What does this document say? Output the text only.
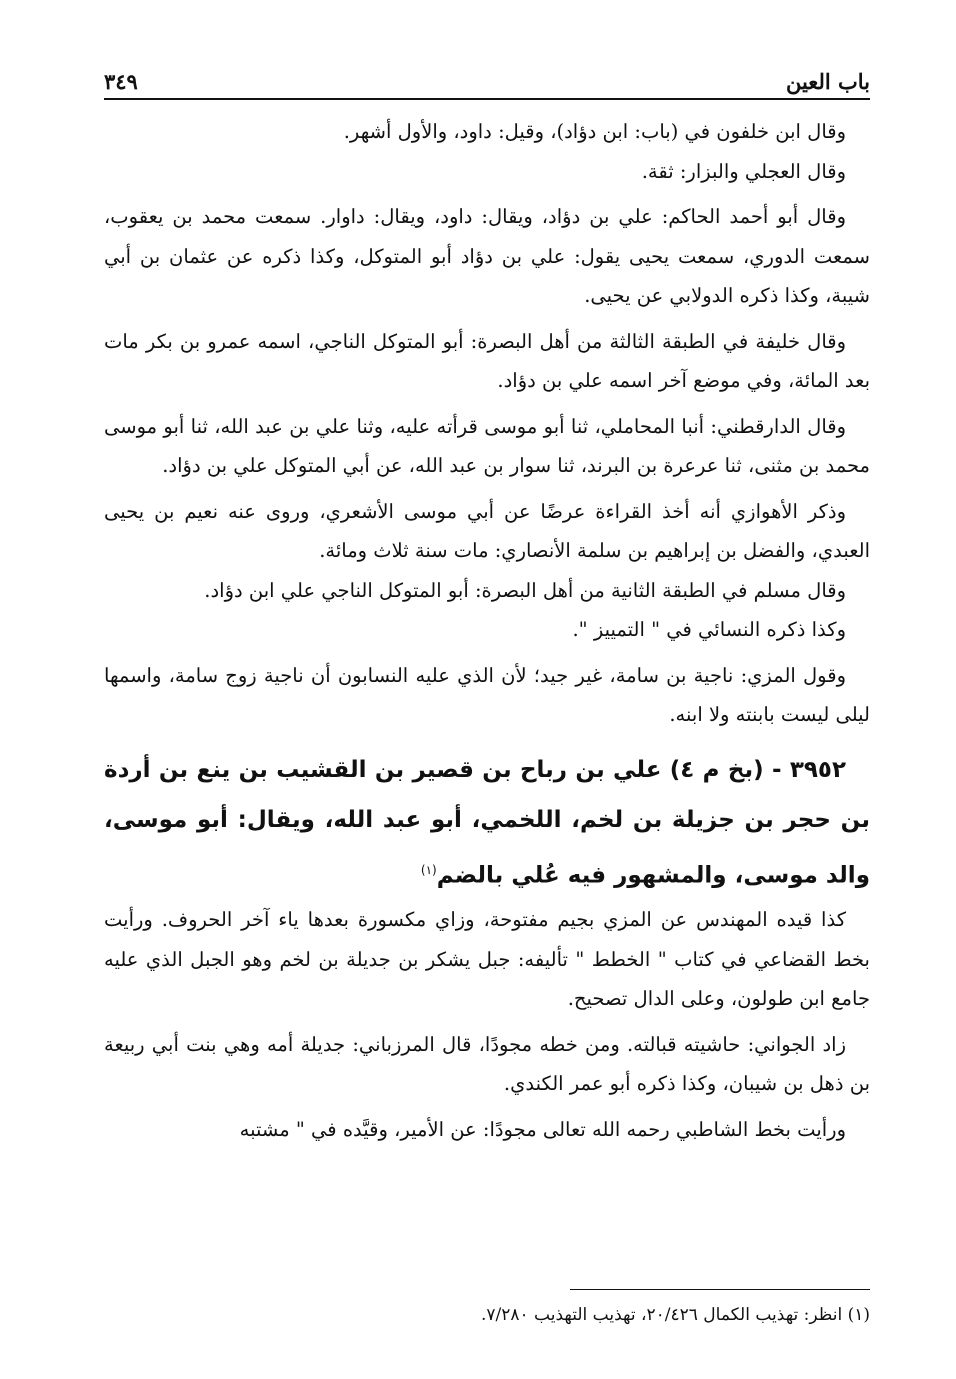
باب العين
٣٤٩

وقال ابن خلفون في (باب: ابن دؤاد)، وقيل: داود، والأول أشهر.

وقال العجلي والبزار: ثقة.

وقال أبو أحمد الحاكم: علي بن دؤاد، ويقال: داود، ويقال: داوار. سمعت محمد بن يعقوب، سمعت الدوري، سمعت يحيى يقول: علي بن دؤاد أبو المتوكل، وكذا ذكره عن عثمان بن أبي شيبة، وكذا ذكره الدولابي عن يحيى.

وقال خليفة في الطبقة الثالثة من أهل البصرة: أبو المتوكل الناجي، اسمه عمرو بن بكر مات بعد المائة، وفي موضع آخر اسمه علي بن دؤاد.

وقال الدارقطني: أنبا المحاملي، ثنا أبو موسى قرأته عليه، وثنا علي بن عبد الله، ثنا أبو موسى محمد بن مثنى، ثنا عرعرة بن البرند، ثنا سوار بن عبد الله، عن أبي المتوكل علي بن دؤاد.

وذكر الأهوازي أنه أخذ القراءة عرضًا عن أبي موسى الأشعري، وروى عنه نعيم بن يحيى العبدي، والفضل بن إبراهيم بن سلمة الأنصاري: مات سنة ثلاث ومائة.

وقال مسلم في الطبقة الثانية من أهل البصرة: أبو المتوكل الناجي علي ابن دؤاد.

وكذا ذكره النسائي في " التمييز ".

وقول المزي: ناجية بن سامة، غير جيد؛ لأن الذي عليه النسابون أن ناجية زوج سامة، واسمها ليلى ليست بابنته ولا ابنه.

٣٩٥٢ - (بخ م ٤) علي بن رباح بن قصير بن القشيب بن ينع بن أردة بن حجر بن جزيلة بن لخم، اللخمي، أبو عبد الله، ويقال: أبو موسى، والد موسى، والمشهور فيه عُلي بالضم$^{(١)}$

كذا قيده المهندس عن المزي بجيم مفتوحة، وزاي مكسورة بعدها ياء آخر الحروف. ورأيت بخط القضاعي في كتاب " الخطط " تأليفه: جبل يشكر بن جديلة بن لخم وهو الجبل الذي عليه جامع ابن طولون، وعلى الدال تصحيح.

زاد الجواني: حاشيته قبالته. ومن خطه مجودًا، قال المرزباني: جديلة أمه وهي بنت أبي ربيعة بن ذهل بن شيبان، وكذا ذكره أبو عمر الكندي.

ورأيت بخط الشاطبي رحمه الله تعالى مجودًا: عن الأمير، وقيَّده في " مشتبه

(١) انظر: تهذيب الكمال ٢٠/٤٢٦، تهذيب التهذيب ٧/٢٨٠.
